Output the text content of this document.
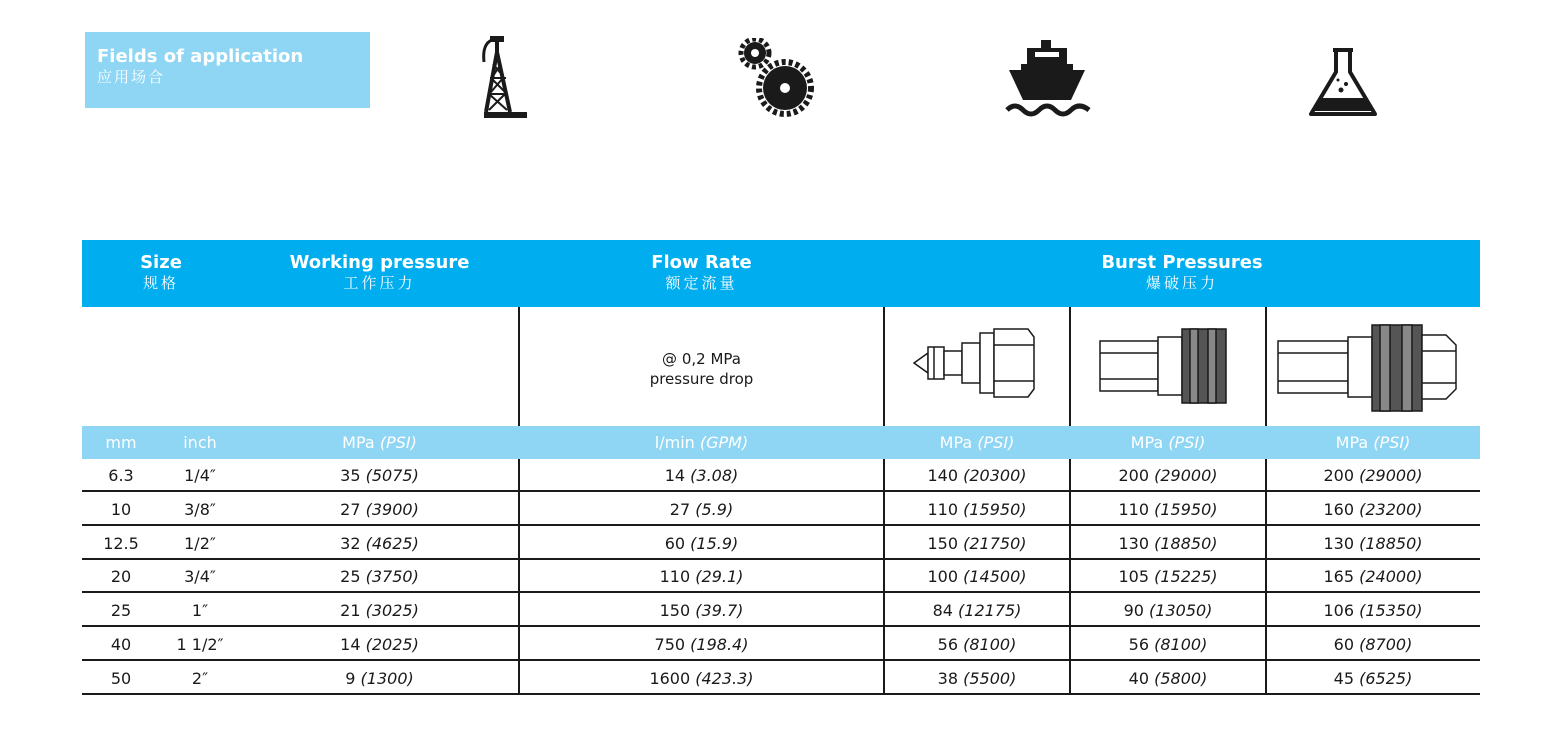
Fields of application
应用场合
Size
规格
Working pressure
工作压力
Flow Rate
额定流量
Burst Pressures
爆破压力
@ 0,2 MPa
pressure drop
mm	inch	MPa (PSI)	l/min (GPM)	MPa (PSI)	MPa (PSI)	MPa (PSI)
6.3	1/4″	35 (5075)	14 (3.08)	140 (20300)	200 (29000)	200 (29000)
10	3/8″	27 (3900)	27 (5.9)	110 (15950)	110 (15950)	160 (23200)
12.5	1/2″	32 (4625)	60 (15.9)	150 (21750)	130 (18850)	130 (18850)
20	3/4″	25 (3750)	110 (29.1)	100 (14500)	105 (15225)	165 (24000)
25	1″	21 (3025)	150 (39.7)	84 (12175)	90 (13050)	106 (15350)
40	1 1/2″	14 (2025)	750 (198.4)	56 (8100)	56 (8100)	60 (8700)
50	2″	9 (1300)	1600 (423.3)	38 (5500)	40 (5800)	45 (6525)
